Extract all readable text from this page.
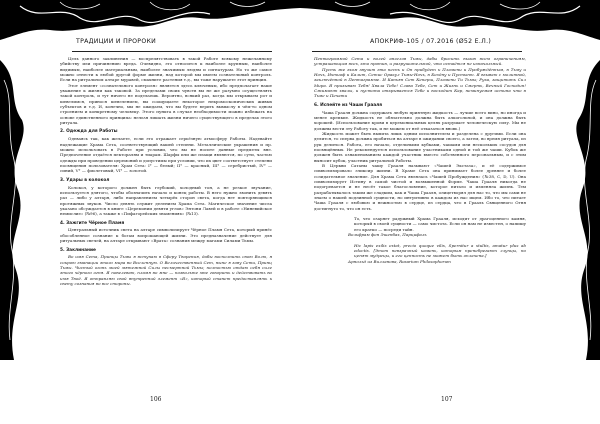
ТРАДИЦИИ И ПРОРОКИ	АПОКРИФ-105 / 07.2016 (Ø52 Е.Л.)

Цель данного заклинения — воспрепятствовать в такой Работе всякому нежеланному убийству или причинению вреда. Очевидно, это относится к наиболее крупным, наиболее видимым, наиболее материальным, наиболее значимым людям и сигнатурам. Но то же самое можно отнести к любой другой форме жизни, над которой мы имеем сознательный контроль. Если на ритуальном алтаре муравей, смахните растения т.д., вы тоже нарушаете этот принцип.

Этот элемент «сознательного контроля» является здесь ключевым, ибо предполагает наше уважение к жизни как таковой. За пределами своих чувств вы не же разумно осуществлять такой контроль, и тут ничего не поделаешь. Вероятно, всякий раз, когда мы открываем рот и шевелимся, принося шевелением, вы соощущаете некоторое некромоскопических живых субъектов и т.д. И, конечно, мы не ожидаем, что вы будете верить вымыслу в чём-то одном строением и конкретному человеку. Этого пункта в случае необходимости можно избежать на основе единственного принципа: нельзя лишать жизни ничего существующего в пределах этого ритуала.

2. Одежда для Работы

Одеваясь так, как желаете, если это отражает серьёзную атмосферу Работы. Надевайте надлежащие Храма Сета, соответствующий вашей степени. Металлические украшения и пр. можно использовать в Работе при условии, что вы не носите данные предметы вне. Предпочтение отдаётся пекторалям и тиарам. Шарфы или же плащи являются, по сути, частью одежды при проведении церемоний и допустимы при условии, что их цвет соответствует степени посвящения пользователя: Храм Сета: I° — белый; II° — красный, III° — серебристый, IV° — синий, V° — фиолетовый, VI° — золотой.

3. Удары в колокол

Колокол, у которого должен быть глубокий, холодный тон, а не резкое звучание, используется длятого, чтобы обозначить начало и конец работы. В него нужно звонить девять раз — либо у алтаря, либо направлением четырёх сторон света, когда нет повторяющихся протяжных звуков. Число девять служит делением Храма Сета. Магическое значение числа указано обсуждается в книге «Церемонии девяти углов» Энтони Лавей и в работе «Ниневийское немислие» (№96), а также в «Пифагорейских знамениях» (№13).

4. Зажгите Чёрное Пламя

Центральный источник света на алтаре символизирует Чёрное Пламя Сета, который принёс обособленное сознание к богам вопрошающей жизни. Это предназначение действует для ритуальных свечей, на алтаре открывают «Врата» сознания между магами Силами Тьмы.

5. Заклинание

Во имя Сета, Принцы Тьмы я вступаю в Сферу Творения, дабы восполнить свою Волю, я сокрою эманации этого мира во Вселенную. О Величественный Сет, ныне я зову Сети, Принц Тьмы. Чистый огонь моей мятежной Силы несмертной Тьмы; полностью отдаю себя силе этого чёрного огня. Я повелеваю, пламя во мне — позвольте мне говорить и действовать во имя Твоё. Я отправляю свой внутренний элемент «Я», который станет предоставлять к свету сознания во все стороны.

Пентаграммой Сета и волей ангелов Тьмы, дабы бросить вызов всем ограничениям, устрашающим всех, кто против, и разрушительной, что остаётся не изначальный.

Пусть же эхом звучит эта песнь и Он прибудет к Пламени и Пробуждённым, в Тьму и Ночь, Ихтиоф и Калит, Сетис Оракул Тьмы-Ночь, в Бездну и Пустыню. Я взываю с молитвой, заключённой в Пентаграмме. И Каньян Сет Кеперш, Пламени Ти Тьмы; Рука, защитить Сил Мира. Я призываю Тебя! Хвала Тебе! Слава Тебе, Сет и Жизнь и Смерть, Вечный Господин! Сжимают хвалы, и пустота открывается Тебе и восходит Кар, неминуемая истина что в Тьме и Печати

6. Испейте из Чаши Грааля

Чаша Грааля должна содержать любую приятную жидкость — лучше всего вино, но иногда и менее крепкие. Жидкость не обязательно должна быть алкогольной, и она должна быть хорошей. (Использование крови в церемониальных целях разрушает человеческую силу. Мы не должны вести эту Работу так, и не можем от неё отказаться вновь.)

Жидкость может быть выпита лишь одним исполнителем и разделена с другими. Если она делится, то сперва должна пробиться на алтаре в ожидании своего, а затем, во время ритуала, из рук делиться. Работа, его начало, отдельными кубками, чашами или нескольких сосудов для посвящённых. Не рекомендуется использование участниками одной и той же чаши. Кубок же должен быть ознаменованием каждой участник вместо собственного персональным, и с этим выносит кубок, участник ритуальной Работы.

В Церкви Сатаны чашу Грааля называют «Чашей Экстаза», и её содержимое символизировало эликсир жизни. В Храме Сета она принимает более древнее и более созидательное значение. Для Храма Сета являлась «Чашей Пробуждения» (№38, C, D, U). Она символизирует Истину в самой чистой и возвышенной Форме. Чаша Грааля никогда не подогревается и не несёт такое благословение, которое питало и изменяла жизнь. Тем разрабатывалось таким же сладким, как и Чаша Грааля, олицетворял для нас то, что мы сами не знаем о нашей подлинной сущности, но интуитивно в каждом из нас ищем. Ибо то, что питает Чаша Грааля с любовью и нежностью в сердце, из сердца, что в Грааль Священного Огня достигнуто то, что он есть.

То, что озаряет радужный Храма Грааля, исходит от драгоценного камня, который в своей сущности — само чистота. Если он нам не известен, о напишу его кратко — посреди тайн.

Вольфрам фон Эшенбах, Парцифаль

Hic lapis exilis extat, precio quoque vilis, Spernitur a stultis, amatur plus ab edoctis. [Этот невзрачный камень, которым пренебрегают глупцы, но ценят мудрецы, и его ценность не может быть оплачена.]

Арнольд из Вилланова, Rosarium Philosophorum

106	107
